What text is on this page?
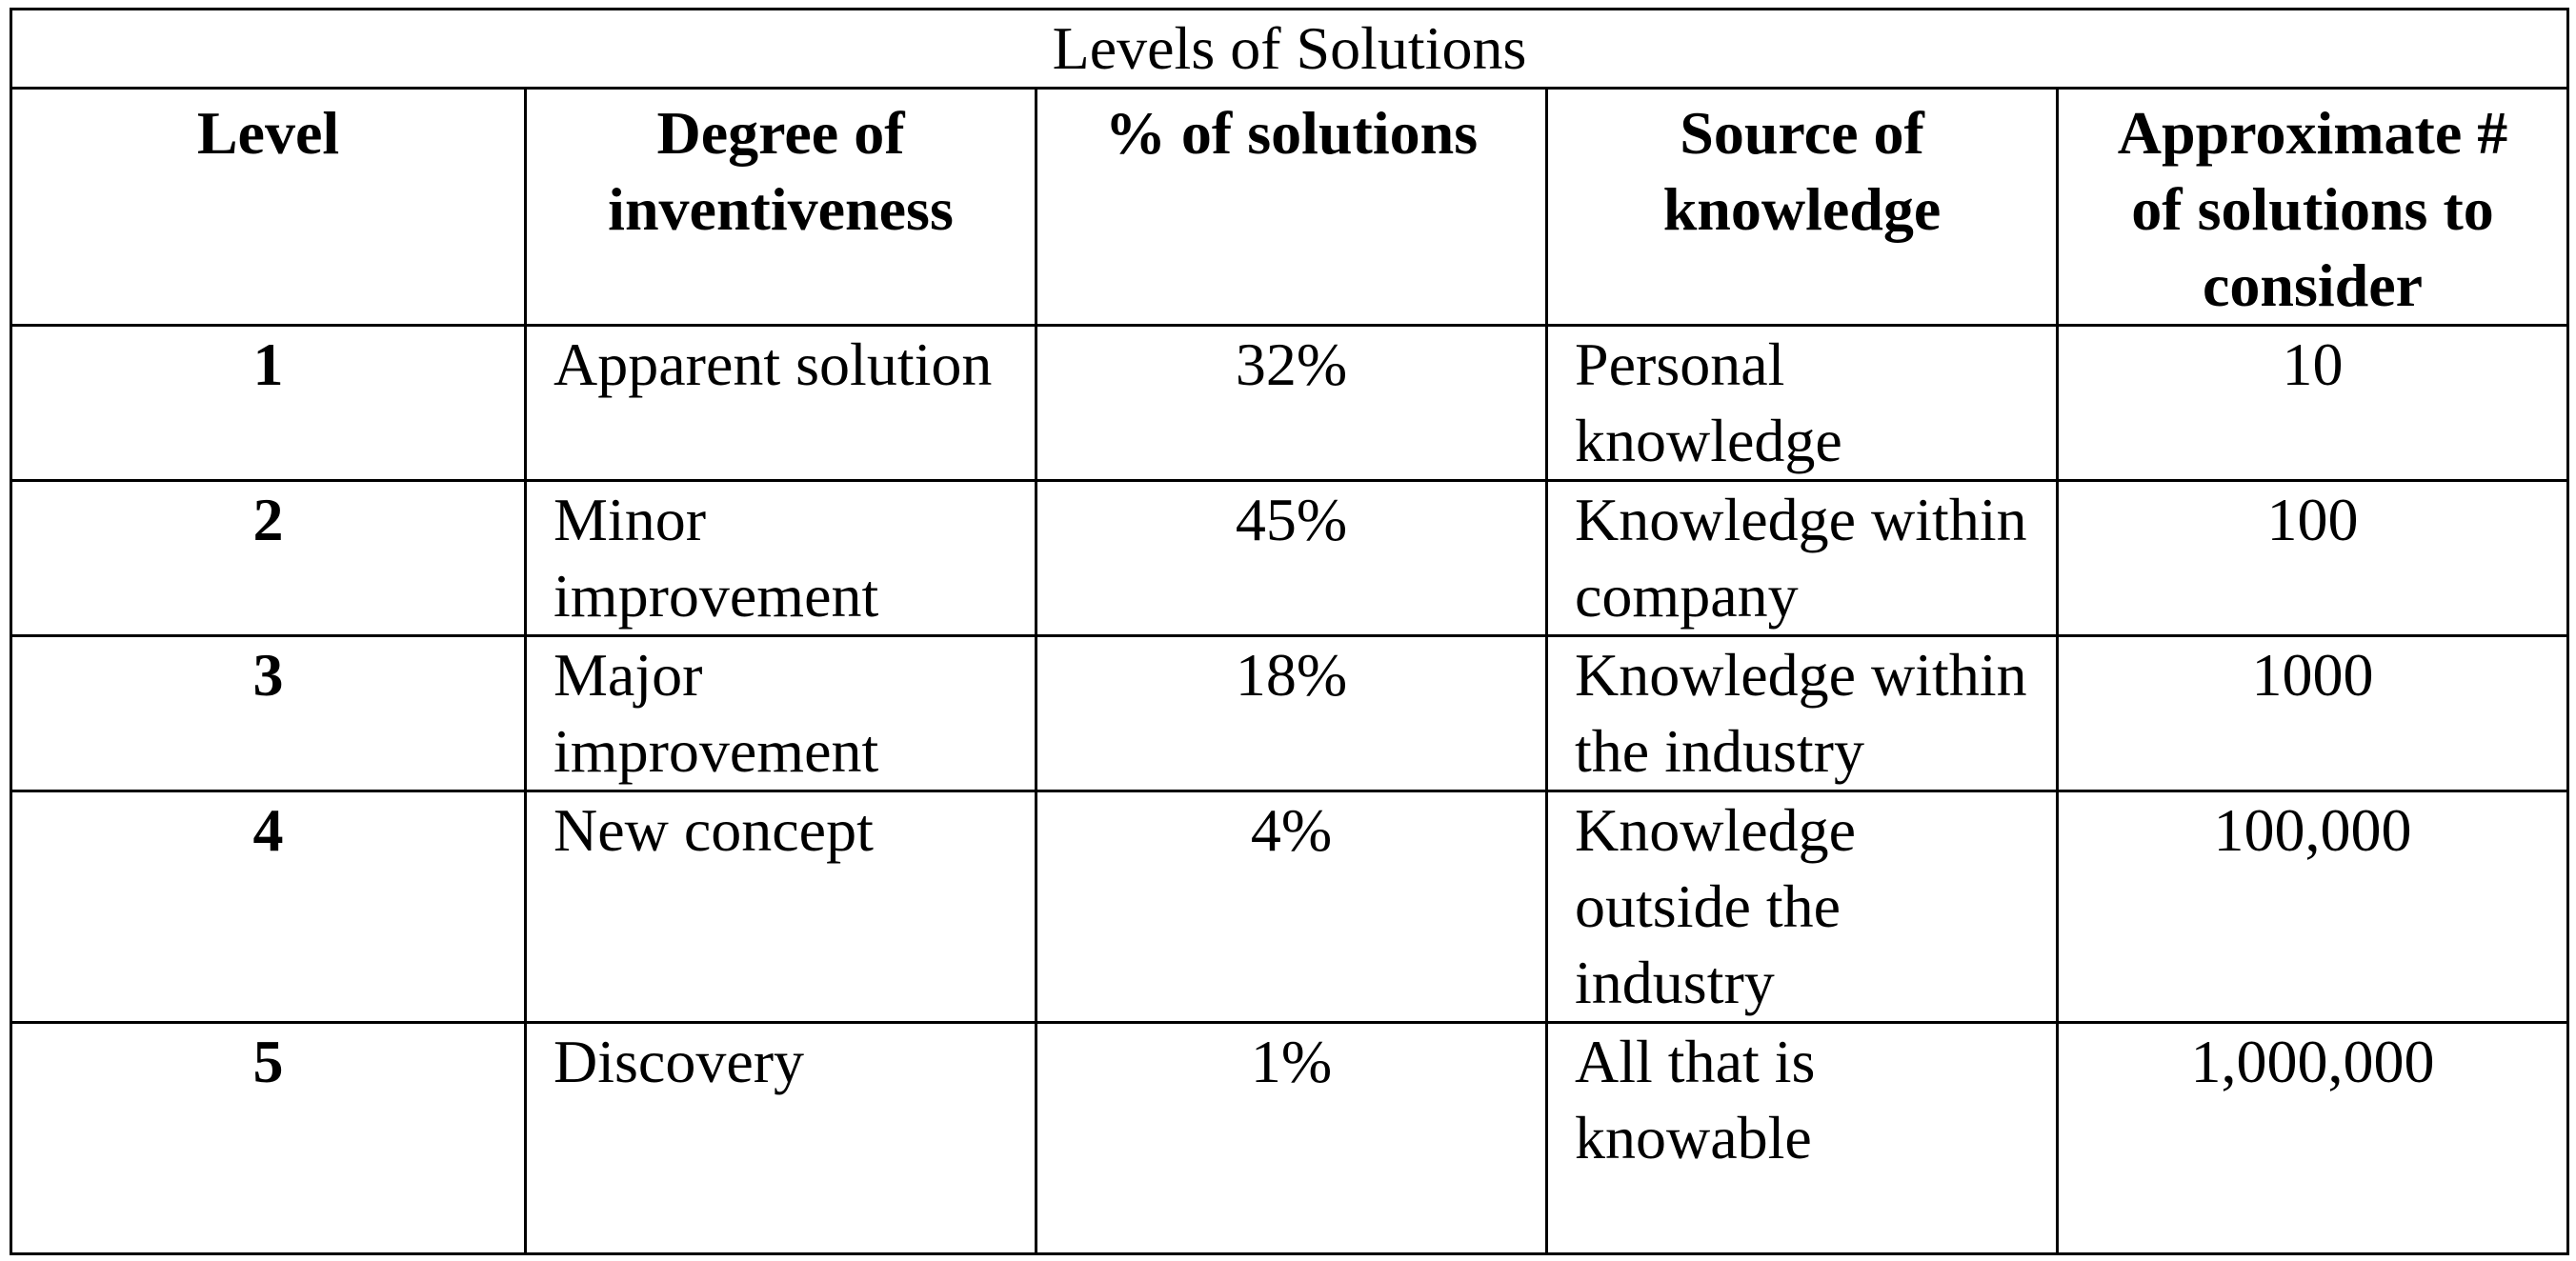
Levels of Solutions				
Level	Degree of inventiveness	% of solutions	Source of knowledge	Approximate # of solutions to consider
1	Apparent solution	32%	Personal knowledge	10
2	Minor improvement	45%	Knowledge within company	100
3	Major improvement	18%	Knowledge within the industry	1000
4	New concept	4%	Knowledge outside the industry	100,000
5	Discovery	1%	All that is knowable	1,000,000
